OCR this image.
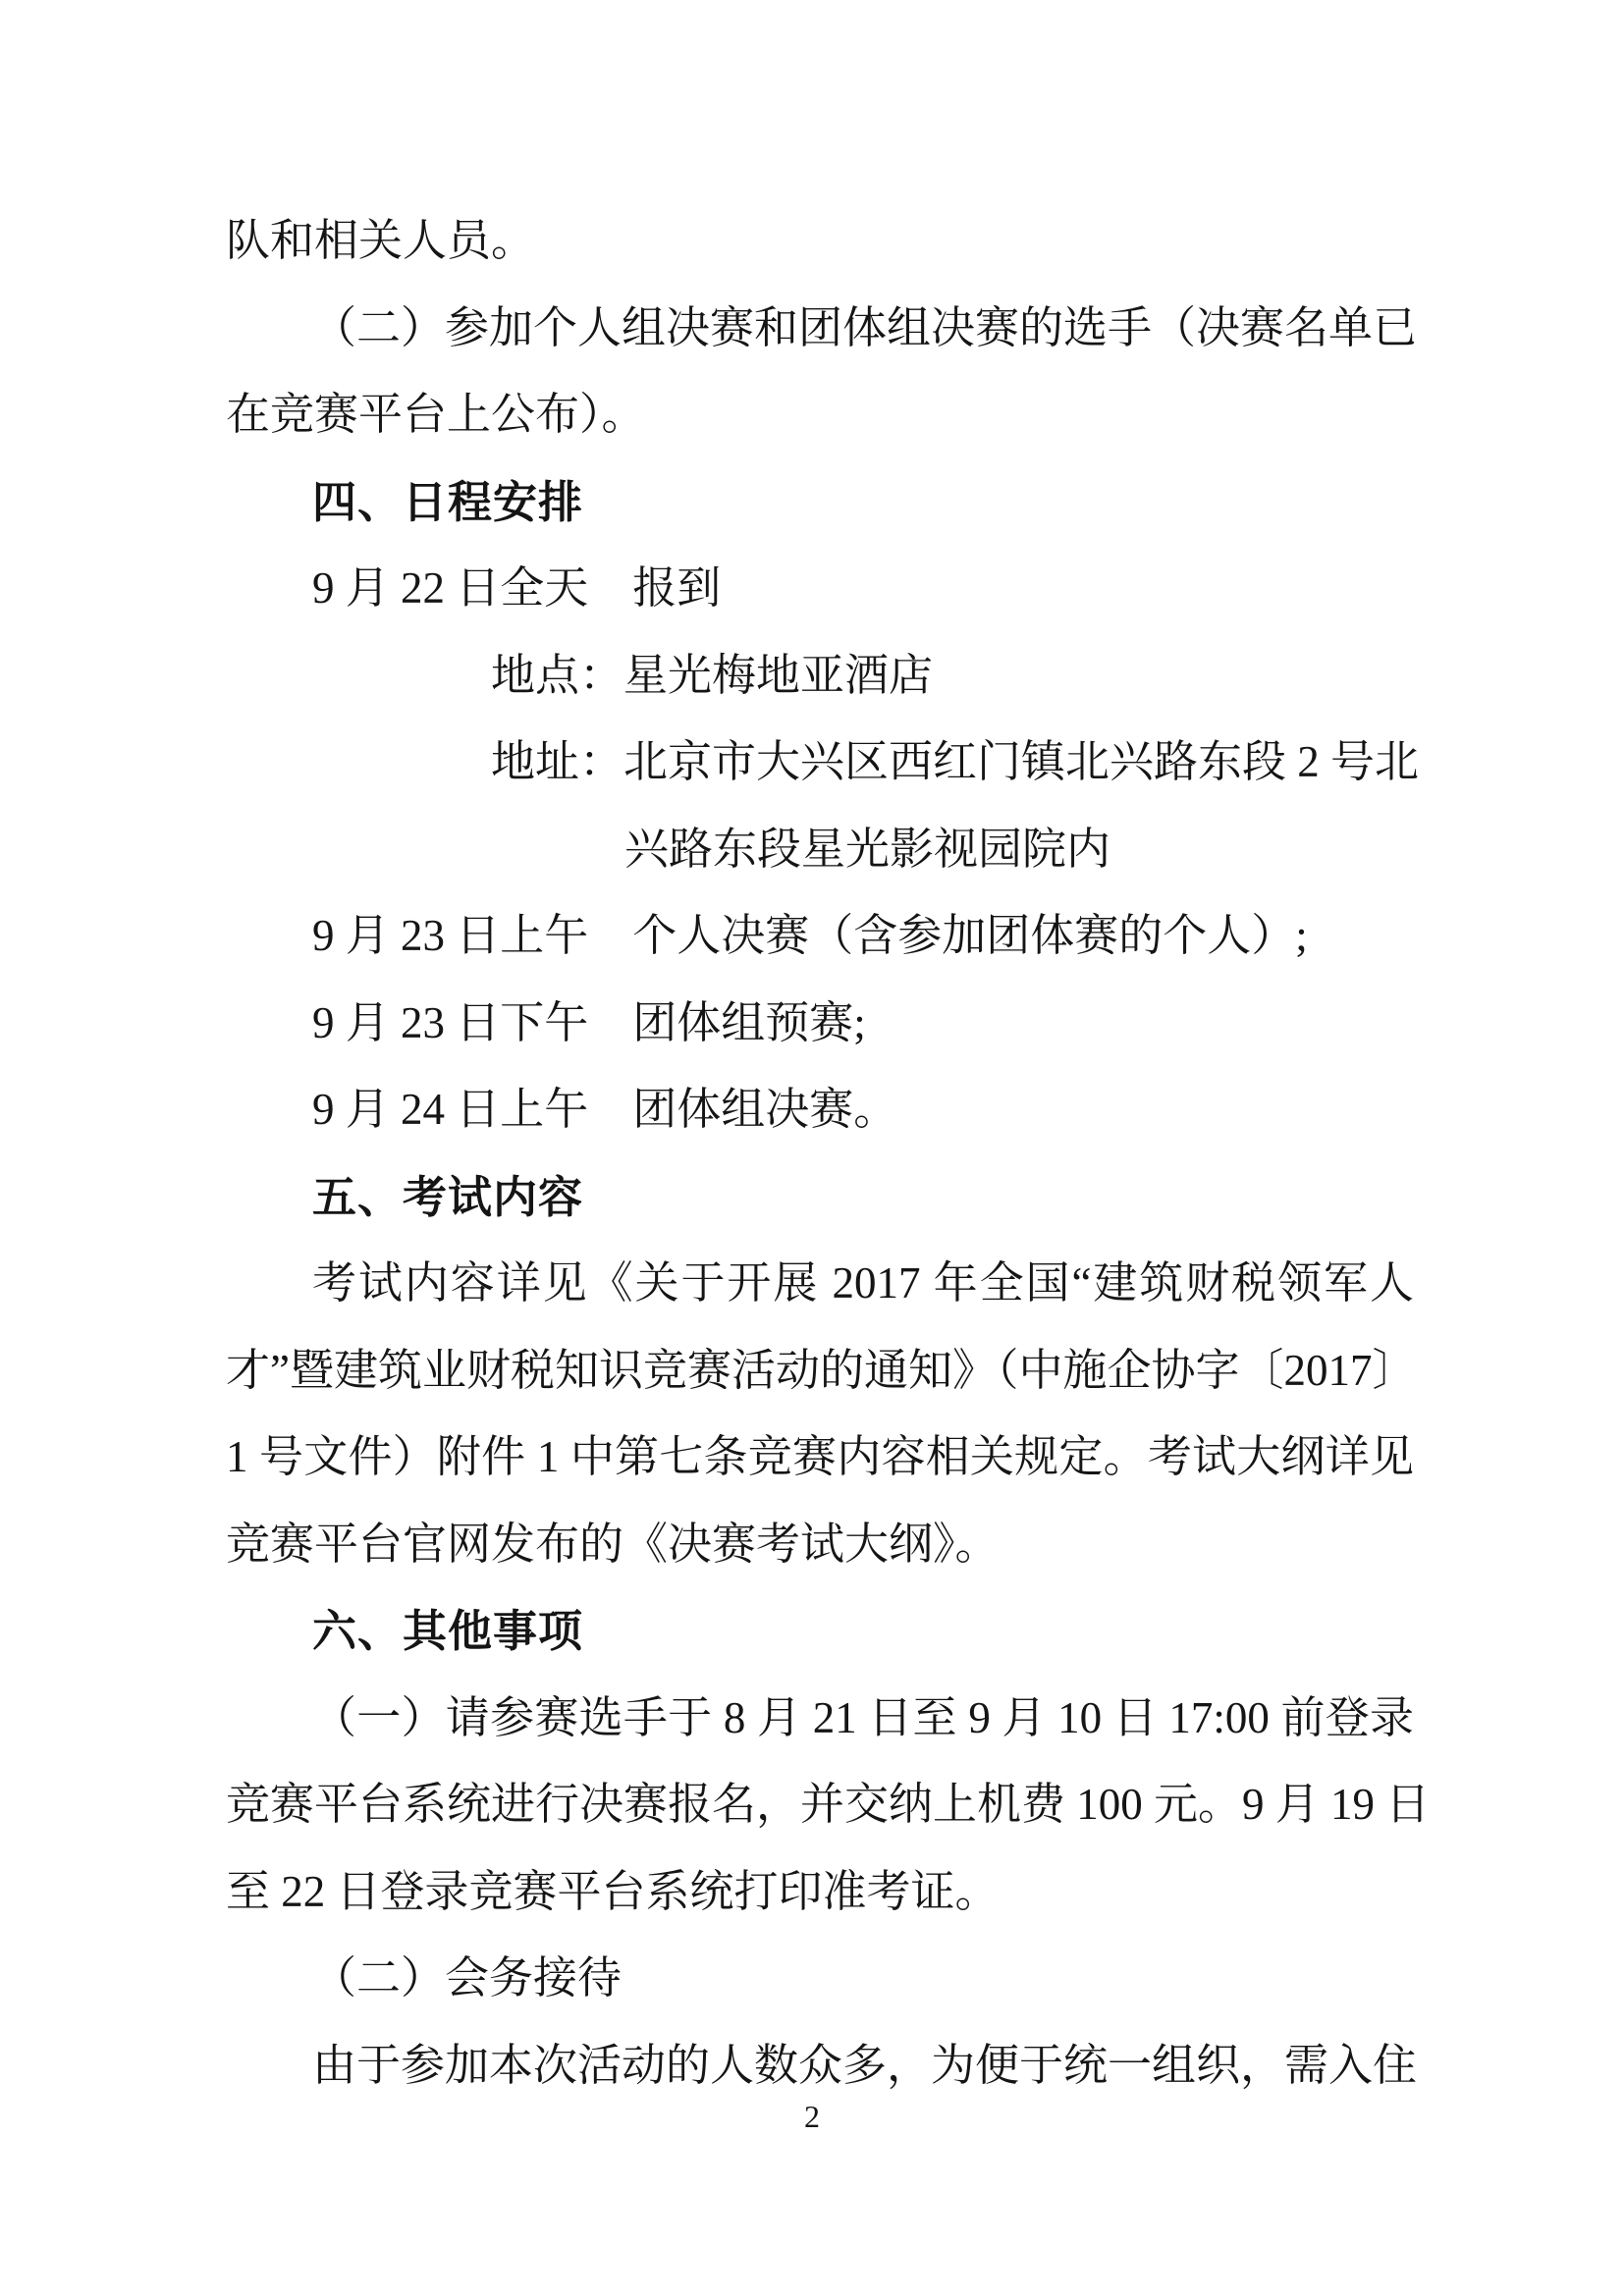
队和相关人员。
（二）参加个人组决赛和团体组决赛的选手（决赛名单已
在竞赛平台上公布）。
四、日程安排
9 月 22 日全天　报到
地点：星光梅地亚酒店
地址：北京市大兴区西红门镇北兴路东段 2 号北
兴路东段星光影视园院内
9 月 23 日上午　个人决赛（含参加团体赛的个人）;
9 月 23 日下午　团体组预赛;
9 月 24 日上午　团体组决赛。
五、考试内容
考试内容详见《关于开展 2017 年全国“建筑财税领军人
才”暨建筑业财税知识竞赛活动的通知》（中施企协字〔2017〕
1 号文件）附件 1 中第七条竞赛内容相关规定。考试大纲详见
竞赛平台官网发布的《决赛考试大纲》。
六、其他事项
（一）请参赛选手于 8 月 21 日至 9 月 10 日 17:00 前登录
竞赛平台系统进行决赛报名，并交纳上机费 100 元。9 月 19 日
至 22 日登录竞赛平台系统打印准考证。
（二）会务接待
由于参加本次活动的人数众多，为便于统一组织，需入住
2
